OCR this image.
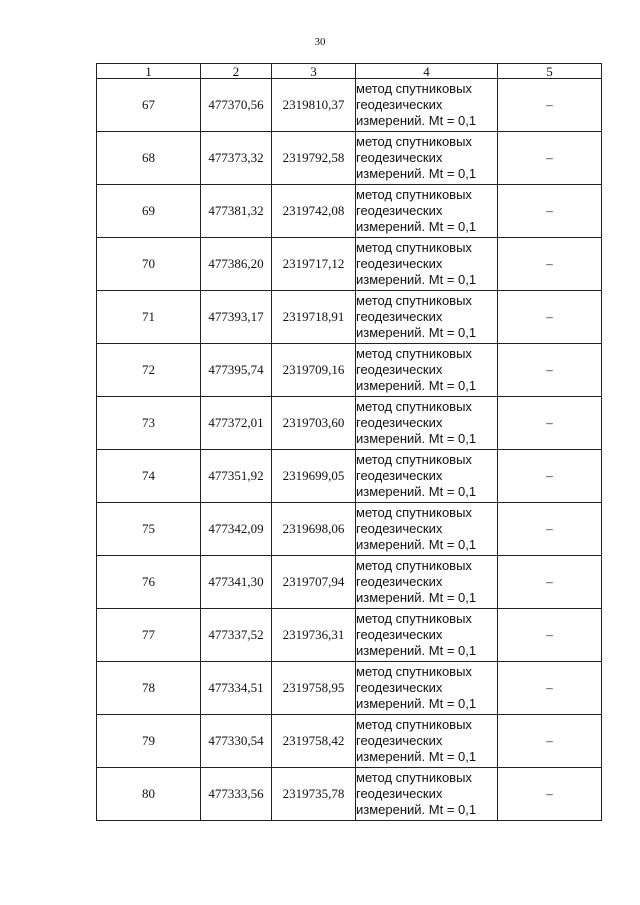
30
1	2	3	4	5
67	477370,56	2319810,37	метод спутниковых
геодезических
измерений. Mt = 0,1	–
68	477373,32	2319792,58	метод спутниковых
геодезических
измерений. Mt = 0,1	–
69	477381,32	2319742,08	метод спутниковых
геодезических
измерений. Mt = 0,1	–
70	477386,20	2319717,12	метод спутниковых
геодезических
измерений. Mt = 0,1	–
71	477393,17	2319718,91	метод спутниковых
геодезических
измерений. Mt = 0,1	–
72	477395,74	2319709,16	метод спутниковых
геодезических
измерений. Mt = 0,1	–
73	477372,01	2319703,60	метод спутниковых
геодезических
измерений. Mt = 0,1	–
74	477351,92	2319699,05	метод спутниковых
геодезических
измерений. Mt = 0,1	–
75	477342,09	2319698,06	метод спутниковых
геодезических
измерений. Mt = 0,1	–
76	477341,30	2319707,94	метод спутниковых
геодезических
измерений. Mt = 0,1	–
77	477337,52	2319736,31	метод спутниковых
геодезических
измерений. Mt = 0,1	–
78	477334,51	2319758,95	метод спутниковых
геодезических
измерений. Mt = 0,1	–
79	477330,54	2319758,42	метод спутниковых
геодезических
измерений. Mt = 0,1	–
80	477333,56	2319735,78	метод спутниковых
геодезических
измерений. Mt = 0,1	–
